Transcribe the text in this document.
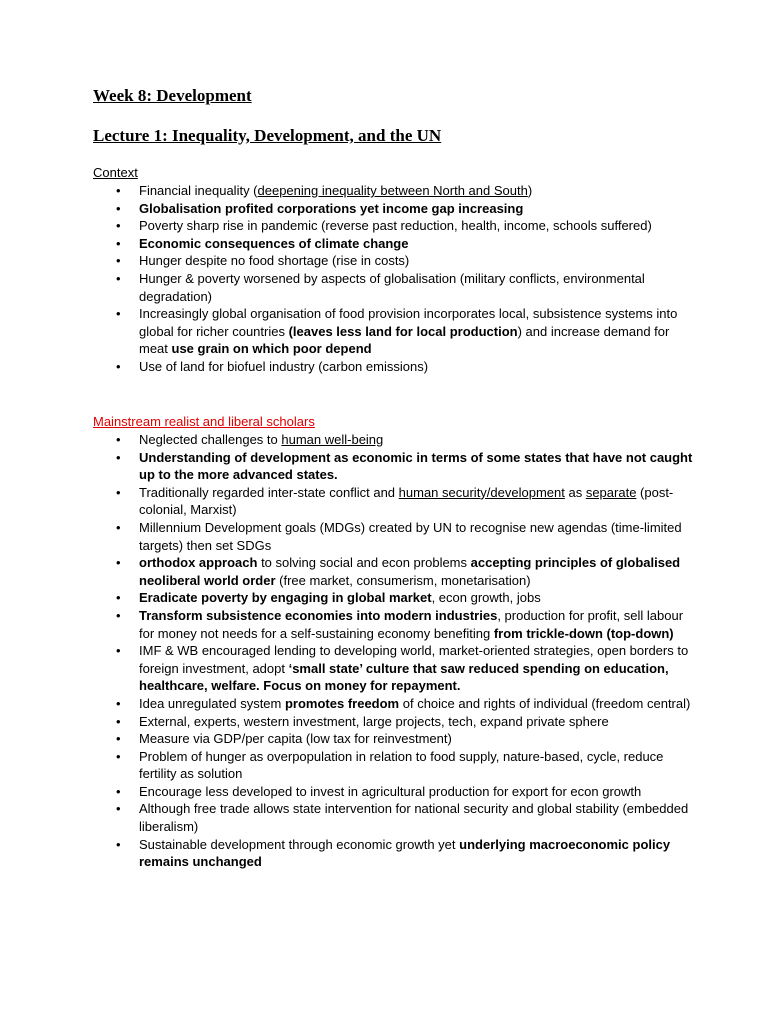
Week 8: Development
Lecture 1: Inequality, Development, and the UN
Context
• Financial inequality (deepening inequality between North and South)
• Globalisation profited corporations yet income gap increasing
• Poverty sharp rise in pandemic (reverse past reduction, health, income, schools suffered)
• Economic consequences of climate change
• Hunger despite no food shortage (rise in costs)
• Hunger & poverty worsened by aspects of globalisation (military conflicts, environmental degradation)
• Increasingly global organisation of food provision incorporates local, subsistence systems into global for richer countries (leaves less land for local production) and increase demand for meat use grain on which poor depend
• Use of land for biofuel industry (carbon emissions)
Mainstream realist and liberal scholars
• Neglected challenges to human well-being
• Understanding of development as economic in terms of some states that have not caught up to the more advanced states.
• Traditionally regarded inter-state conflict and human security/development as separate (post-colonial, Marxist)
• Millennium Development goals (MDGs) created by UN to recognise new agendas (time-limited targets) then set SDGs
• orthodox approach to solving social and econ problems accepting principles of globalised neoliberal world order (free market, consumerism, monetarisation)
• Eradicate poverty by engaging in global market, econ growth, jobs
• Transform subsistence economies into modern industries, production for profit, sell labour for money not needs for a self-sustaining economy benefiting from trickle-down (top-down)
• IMF & WB encouraged lending to developing world, market-oriented strategies, open borders to foreign investment, adopt ‘small state’ culture that saw reduced spending on education, healthcare, welfare. Focus on money for repayment.
• Idea unregulated system promotes freedom of choice and rights of individual (freedom central)
• External, experts, western investment, large projects, tech, expand private sphere
• Measure via GDP/per capita (low tax for reinvestment)
• Problem of hunger as overpopulation in relation to food supply, nature-based, cycle, reduce fertility as solution
• Encourage less developed to invest in agricultural production for export for econ growth
• Although free trade allows state intervention for national security and global stability (embedded liberalism)
• Sustainable development through economic growth yet underlying macroeconomic policy remains unchanged
